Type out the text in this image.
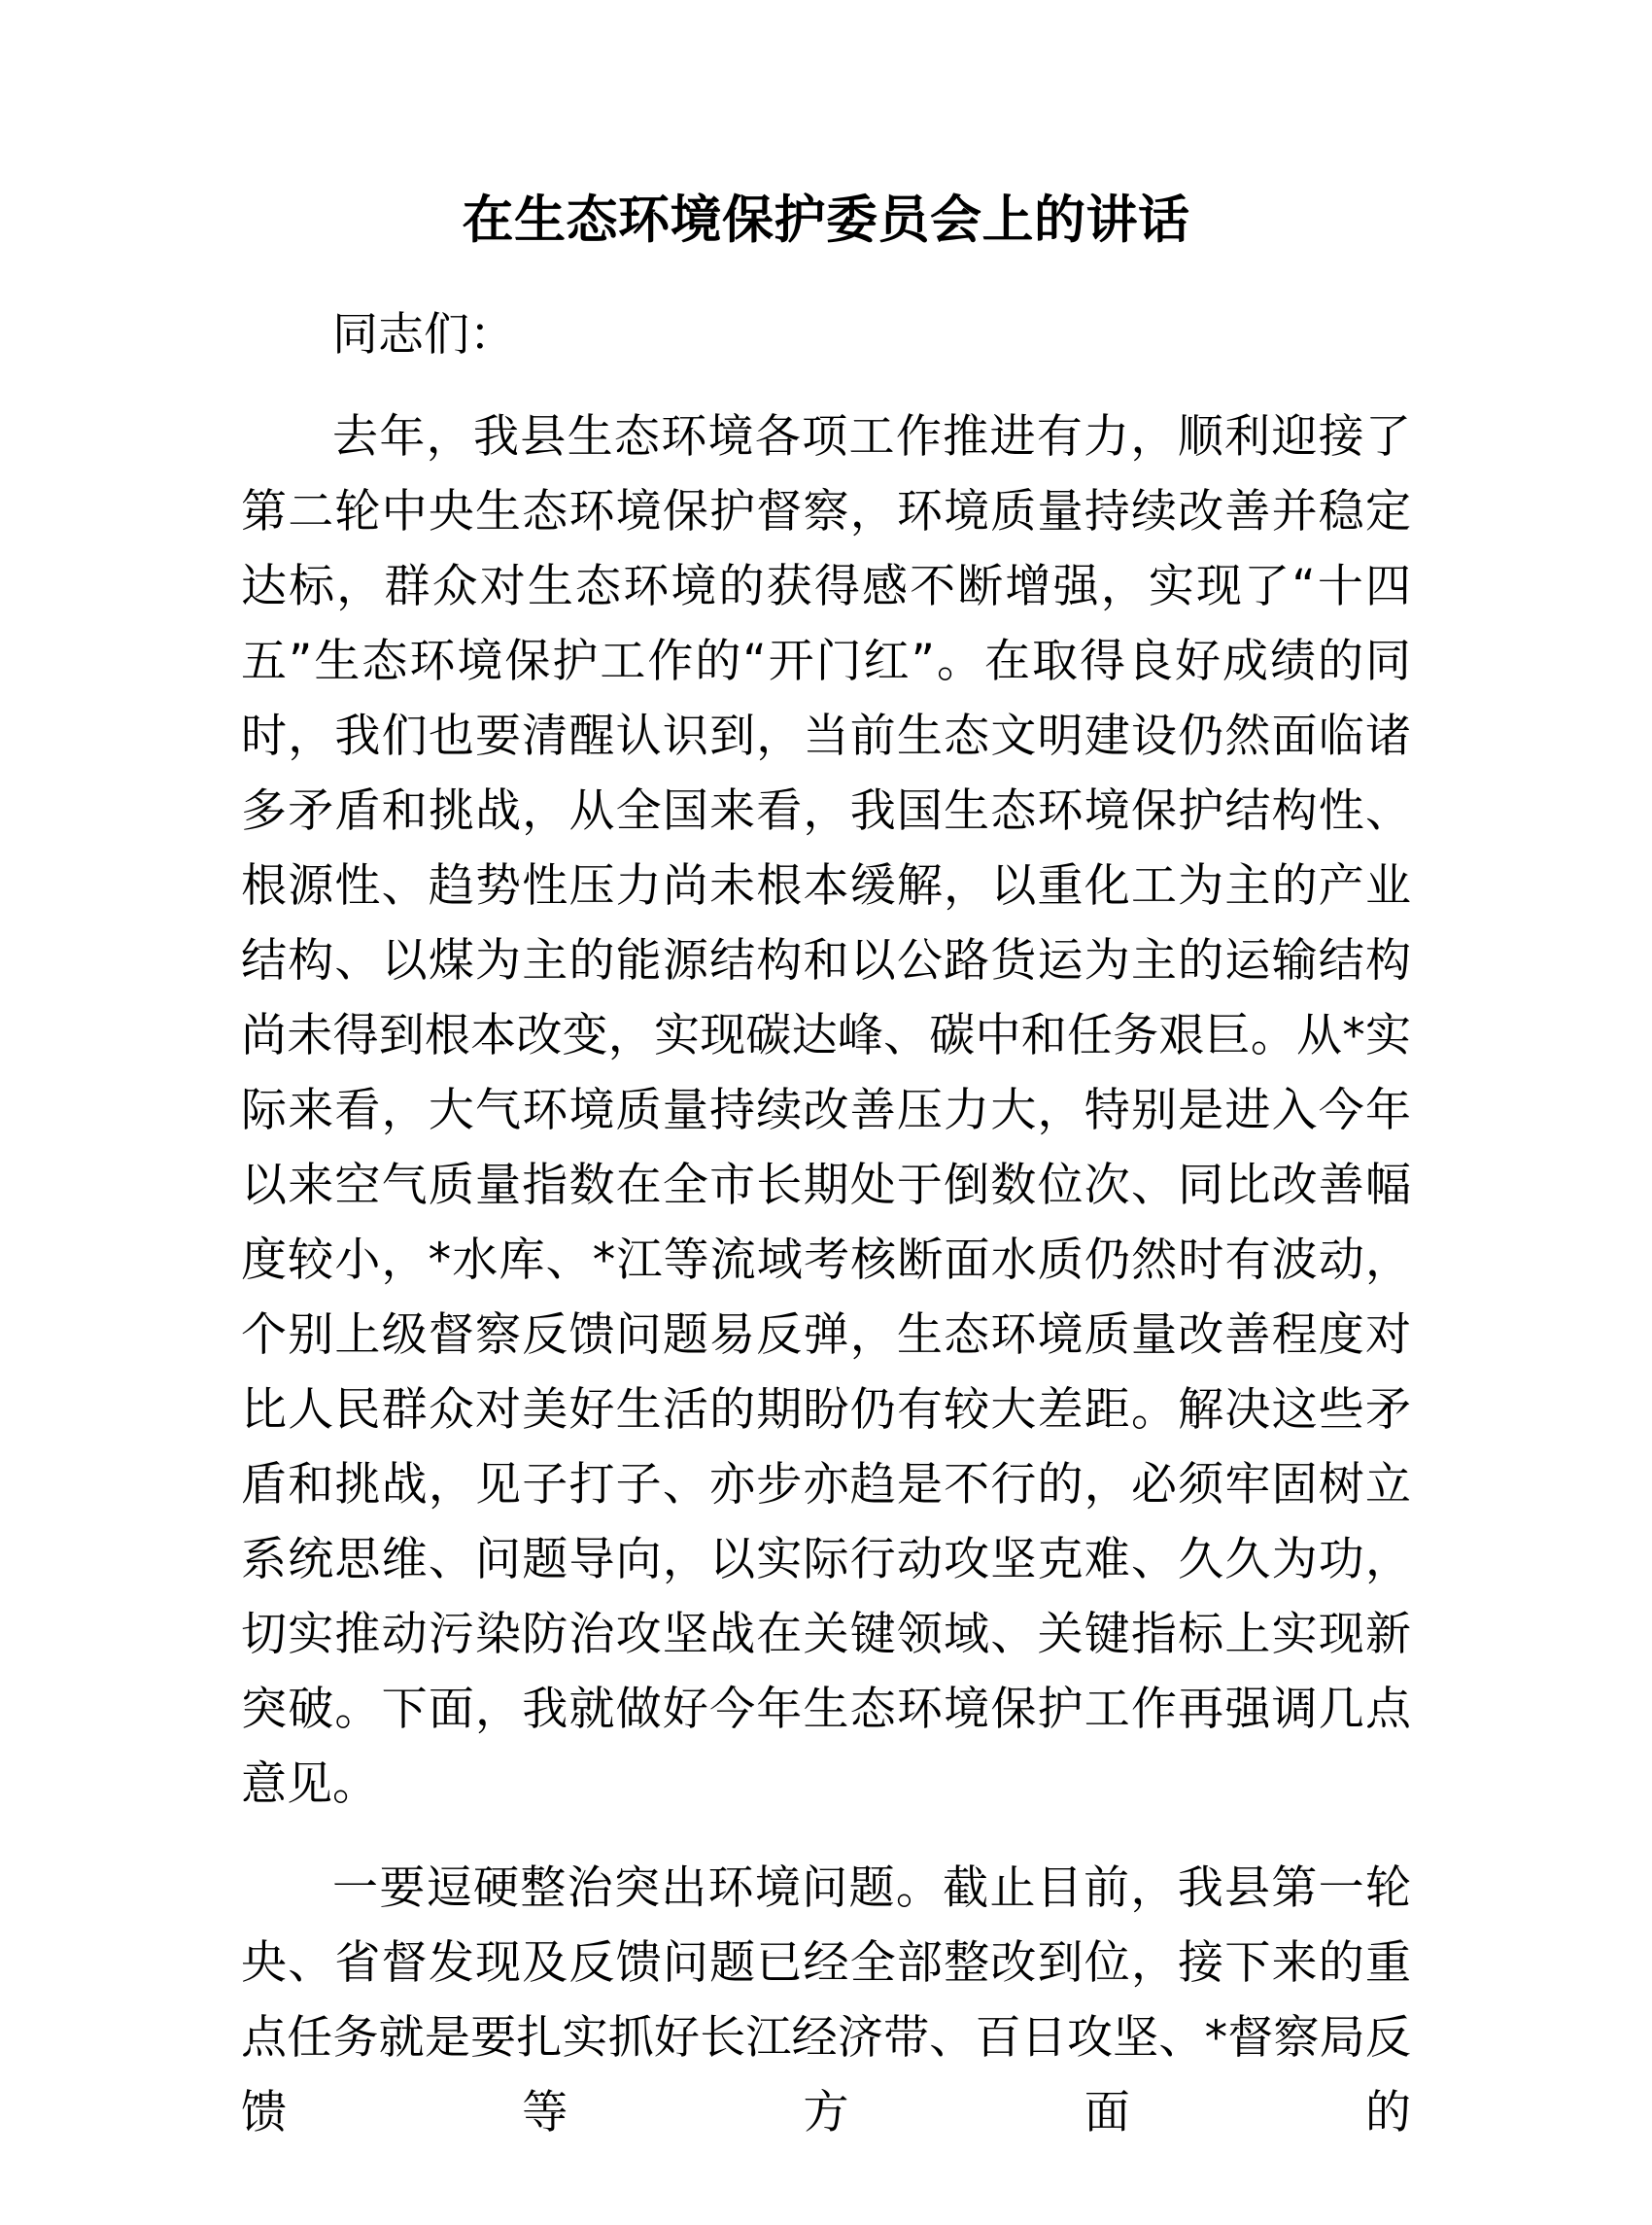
在生态环境保护委员会上的讲话

同志们：

去年，我县生态环境各项工作推进有力，顺利迎接了第二轮中央生态环境保护督察，环境质量持续改善并稳定达标，群众对生态环境的获得感不断增强，实现了“十四五”生态环境保护工作的“开门红”。在取得良好成绩的同时，我们也要清醒认识到，当前生态文明建设仍然面临诸多矛盾和挑战，从全国来看，我国生态环境保护结构性、根源性、趋势性压力尚未根本缓解，以重化工为主的产业结构、以煤为主的能源结构和以公路货运为主的运输结构尚未得到根本改变，实现碳达峰、碳中和任务艰巨。从*实际来看，大气环境质量持续改善压力大，特别是进入今年以来空气质量指数在全市长期处于倒数位次、同比改善幅度较小，*水库、*江等流域考核断面水质仍然时有波动，个别上级督察反馈问题易反弹，生态环境质量改善程度对比人民群众对美好生活的期盼仍有较大差距。解决这些矛盾和挑战，见子打子、亦步亦趋是不行的，必须牢固树立系统思维、问题导向，以实际行动攻坚克难、久久为功，切实推动污染防治攻坚战在关键领域、关键指标上实现新突破。下面，我就做好今年生态环境保护工作再强调几点意见。

一要逗硬整治突出环境问题。截止目前，我县第一轮央、省督发现及反馈问题已经全部整改到位，接下来的重点任务就是要扎实抓好长江经济带、百日攻坚、*督察局反馈等方面的
